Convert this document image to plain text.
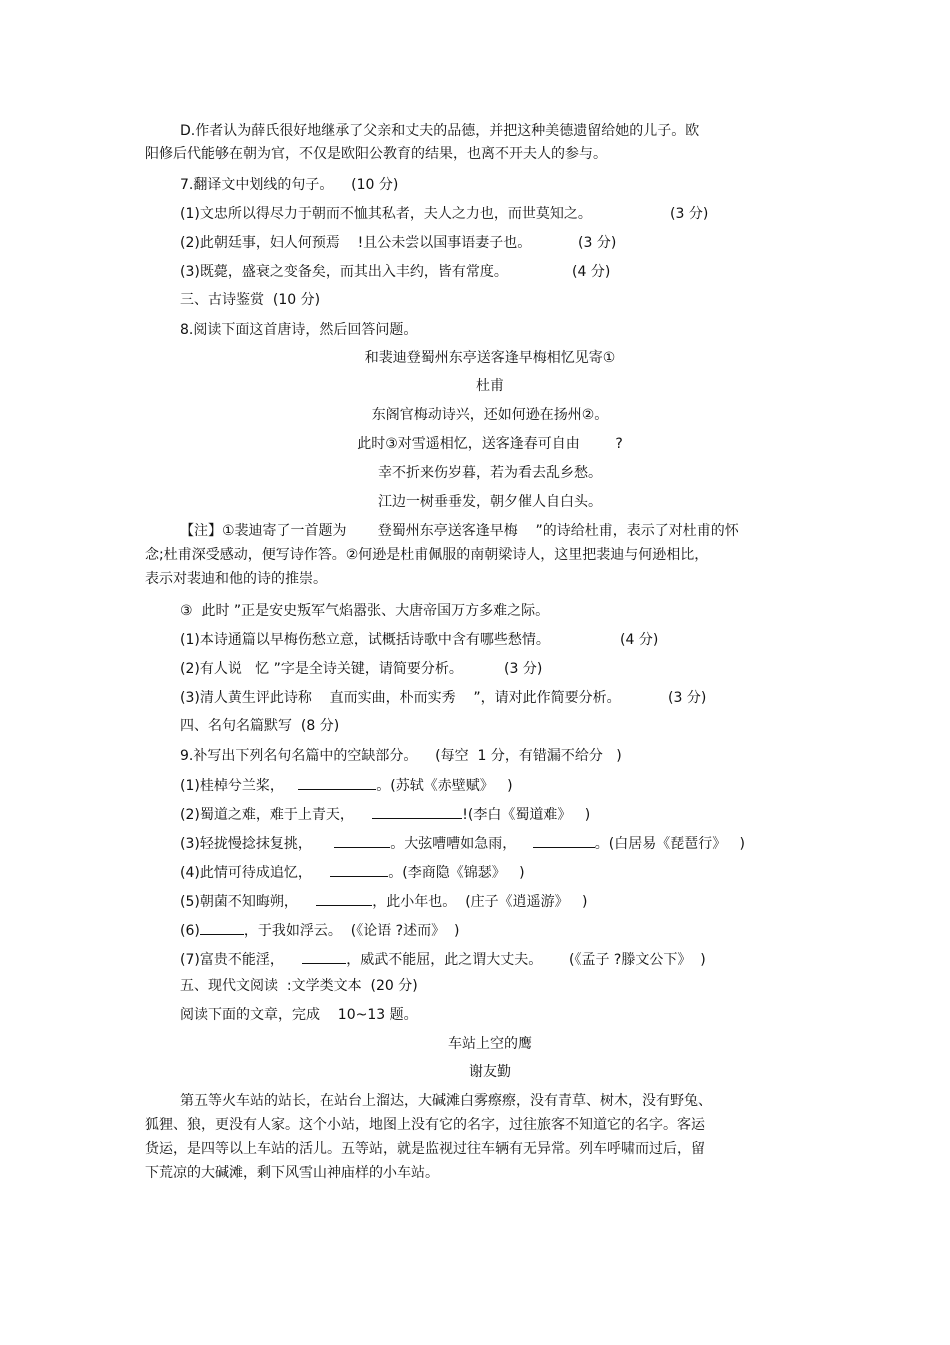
D.作者认为薛氏很好地继承了父亲和丈夫的品德，并把这种美德遗留给她的儿子。欧
阳修后代能够在朝为官，不仅是欧阳公教育的结果，也离不开夫人的参与。
7.翻译文中划线的句子。    (10 分)
(1)文忠所以得尽力于朝而不恤其私者，夫人之力也，而世莫知之。	(3 分)
(2)此朝廷事，妇人何预焉    !且公未尝以国事语妻子也。	(3 分)
(3)既薨，盛衰之变备矣，而其出入丰约，皆有常度。	(4 分)
三、古诗鉴赏  (10 分)
8.阅读下面这首唐诗，然后回答问题。
和裴迪登蜀州东亭送客逢早梅相忆见寄①
杜甫
东阁官梅动诗兴，还如何逊在扬州②。
此时③对雪遥相忆，送客逢春可自由        ?
幸不折来伤岁暮，若为看去乱乡愁。
江边一树垂垂发，朝夕催人自白头。
【注】①裴迪寄了一首题为       登蜀州东亭送客逢早梅    ”的诗给杜甫，表示了对杜甫的怀
念;杜甫深受感动，便写诗作答。②何逊是杜甫佩服的南朝梁诗人，这里把裴迪与何逊相比，
表示对裴迪和他的诗的推崇。
③  此时 ”正是安史叛军气焰嚣张、大唐帝国万方多难之际。
(1)本诗通篇以早梅伤愁立意，试概括诗歌中含有哪些愁情。	(4 分)
(2)有人说   忆 ”字是全诗关键，请简要分析。	(3 分)
(3)清人黄生评此诗称    直而实曲，朴而实秀    ”，请对此作简要分析。	(3 分)
四、名句名篇默写  (8 分)
9.补写出下列名句名篇中的空缺部分。    (每空  1 分，有错漏不给分   )
(1)桂棹兮兰桨，	。(苏轼《赤壁赋》   )
(2)蜀道之难，难于上青天，	!(李白《蜀道难》   )
(3)轻拢慢捻抹复挑，	。大弦嘈嘈如急雨，	。(白居易《琵琶行》   )
(4)此情可待成追忆，	。(李商隐《锦瑟》   )
(5)朝菌不知晦朔，	，此小年也。  (庄子《逍遥游》   )
(6)	，于我如浮云。  (《论语 ?述而》  )
(7)富贵不能淫，	，威武不能屈，此之谓大丈夫。      (《孟子 ?滕文公下》  )
五、现代文阅读  :文学类文本  (20 分)
阅读下面的文章，完成    10~13 题。
车站上空的鹰
谢友勤
第五等火车站的站长，在站台上溜达，大碱滩白雾瘵瘵，没有青草、树木，没有野兔、
狐狸、狼，更没有人家。这个小站，地图上没有它的名字，过往旅客不知道它的名字。客运
货运，是四等以上车站的活儿。五等站，就是监视过往车辆有无异常。列车呼啸而过后，留
下荒凉的大碱滩，剩下风雪山神庙样的小车站。
